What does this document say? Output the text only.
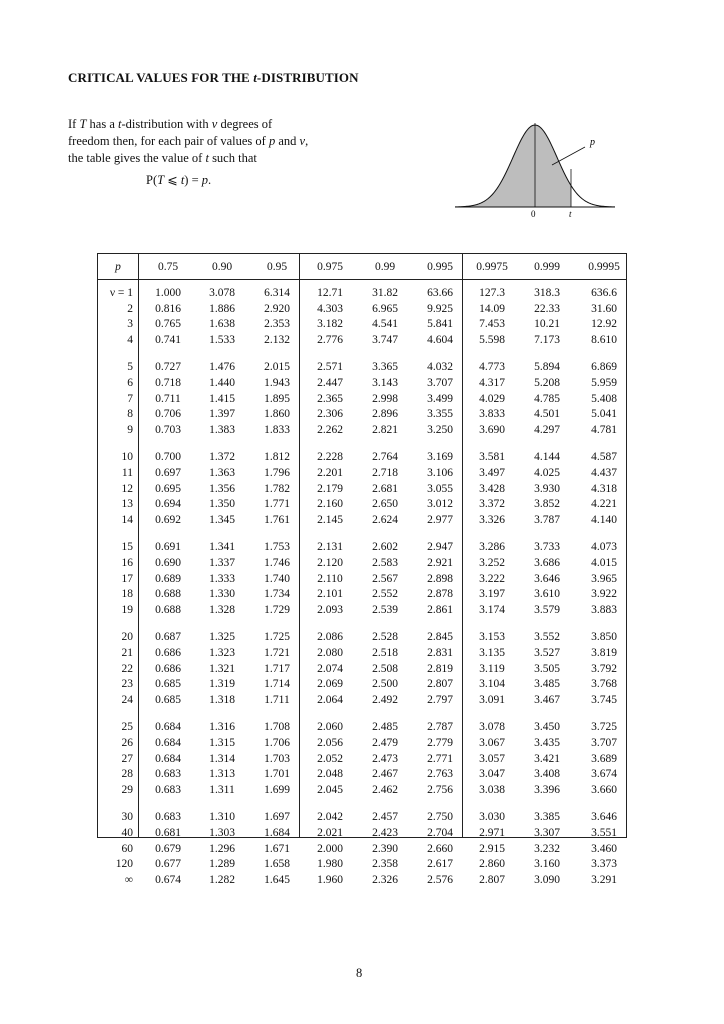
CRITICAL VALUES FOR THE t-DISTRIBUTION
If T has a t-distribution with ν degrees of
freedom then, for each pair of values of p and ν,
the table gives the value of t such that
P(T ⩽ t) = p.
p
0	t
p	0.75	0.90	0.95	0.975	0.99	0.995	0.9975	0.999	0.9995
ν = 1	1.000	3.078	6.314	12.71	31.82	63.66	127.3	318.3	636.6
2	0.816	1.886	2.920	4.303	6.965	9.925	14.09	22.33	31.60
3	0.765	1.638	2.353	3.182	4.541	5.841	7.453	10.21	12.92
4	0.741	1.533	2.132	2.776	3.747	4.604	5.598	7.173	8.610
5	0.727	1.476	2.015	2.571	3.365	4.032	4.773	5.894	6.869
6	0.718	1.440	1.943	2.447	3.143	3.707	4.317	5.208	5.959
7	0.711	1.415	1.895	2.365	2.998	3.499	4.029	4.785	5.408
8	0.706	1.397	1.860	2.306	2.896	3.355	3.833	4.501	5.041
9	0.703	1.383	1.833	2.262	2.821	3.250	3.690	4.297	4.781
10	0.700	1.372	1.812	2.228	2.764	3.169	3.581	4.144	4.587
11	0.697	1.363	1.796	2.201	2.718	3.106	3.497	4.025	4.437
12	0.695	1.356	1.782	2.179	2.681	3.055	3.428	3.930	4.318
13	0.694	1.350	1.771	2.160	2.650	3.012	3.372	3.852	4.221
14	0.692	1.345	1.761	2.145	2.624	2.977	3.326	3.787	4.140
15	0.691	1.341	1.753	2.131	2.602	2.947	3.286	3.733	4.073
16	0.690	1.337	1.746	2.120	2.583	2.921	3.252	3.686	4.015
17	0.689	1.333	1.740	2.110	2.567	2.898	3.222	3.646	3.965
18	0.688	1.330	1.734	2.101	2.552	2.878	3.197	3.610	3.922
19	0.688	1.328	1.729	2.093	2.539	2.861	3.174	3.579	3.883
20	0.687	1.325	1.725	2.086	2.528	2.845	3.153	3.552	3.850
21	0.686	1.323	1.721	2.080	2.518	2.831	3.135	3.527	3.819
22	0.686	1.321	1.717	2.074	2.508	2.819	3.119	3.505	3.792
23	0.685	1.319	1.714	2.069	2.500	2.807	3.104	3.485	3.768
24	0.685	1.318	1.711	2.064	2.492	2.797	3.091	3.467	3.745
25	0.684	1.316	1.708	2.060	2.485	2.787	3.078	3.450	3.725
26	0.684	1.315	1.706	2.056	2.479	2.779	3.067	3.435	3.707
27	0.684	1.314	1.703	2.052	2.473	2.771	3.057	3.421	3.689
28	0.683	1.313	1.701	2.048	2.467	2.763	3.047	3.408	3.674
29	0.683	1.311	1.699	2.045	2.462	2.756	3.038	3.396	3.660
30	0.683	1.310	1.697	2.042	2.457	2.750	3.030	3.385	3.646
40	0.681	1.303	1.684	2.021	2.423	2.704	2.971	3.307	3.551
60	0.679	1.296	1.671	2.000	2.390	2.660	2.915	3.232	3.460
120	0.677	1.289	1.658	1.980	2.358	2.617	2.860	3.160	3.373
∞	0.674	1.282	1.645	1.960	2.326	2.576	2.807	3.090	3.291
8
